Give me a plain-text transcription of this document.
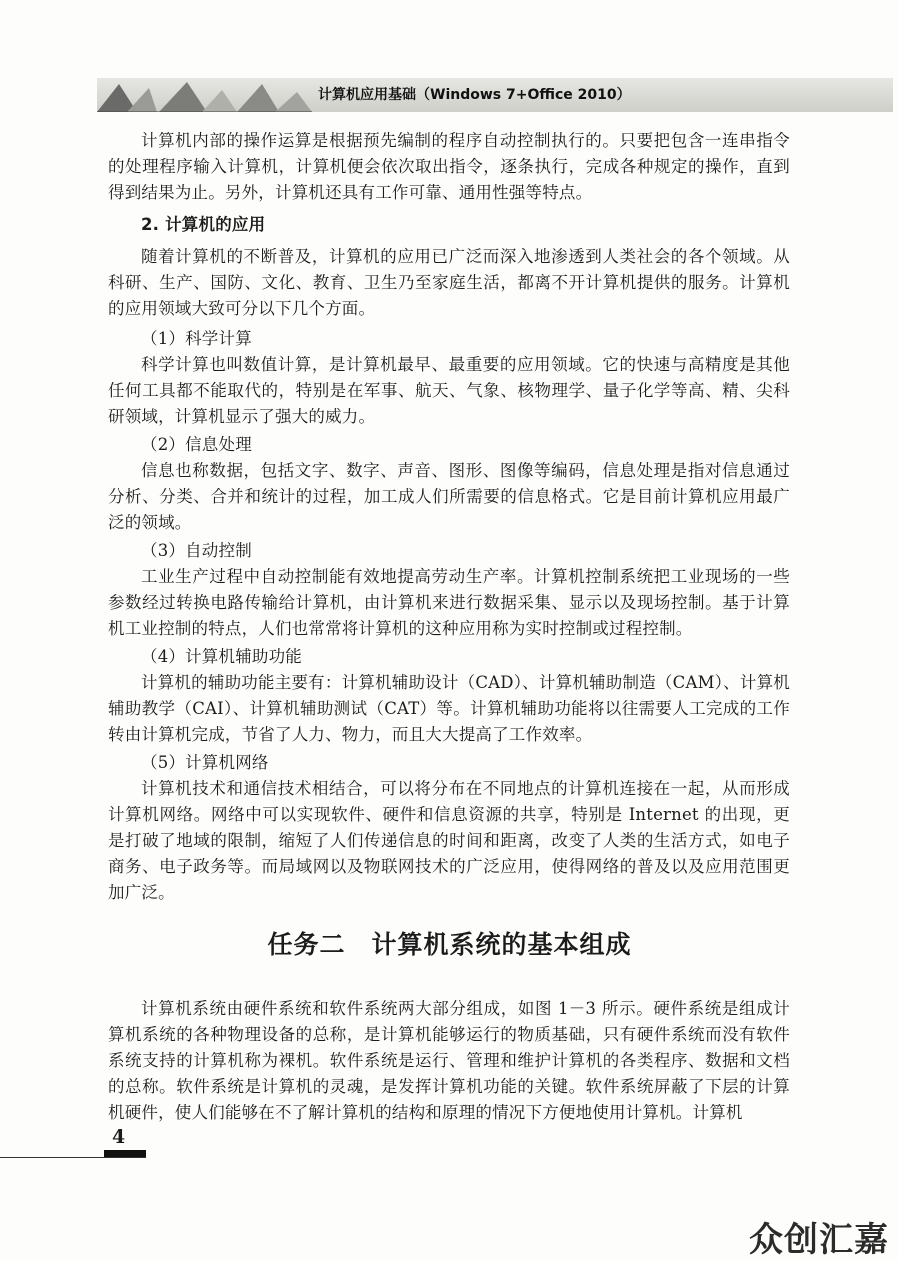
计算机应用基础（Windows 7+Office 2010）

计算机内部的操作运算是根据预先编制的程序自动控制执行的。只要把包含一连串指令的处理程序输入计算机，计算机便会依次取出指令，逐条执行，完成各种规定的操作，直到得到结果为止。另外，计算机还具有工作可靠、通用性强等特点。

2. 计算机的应用

随着计算机的不断普及，计算机的应用已广泛而深入地渗透到人类社会的各个领域。从科研、生产、国防、文化、教育、卫生乃至家庭生活，都离不开计算机提供的服务。计算机的应用领域大致可分以下几个方面。

（1）科学计算

科学计算也叫数值计算，是计算机最早、最重要的应用领域。它的快速与高精度是其他任何工具都不能取代的，特别是在军事、航天、气象、核物理学、量子化学等高、精、尖科研领域，计算机显示了强大的威力。

（2）信息处理

信息也称数据，包括文字、数字、声音、图形、图像等编码，信息处理是指对信息通过分析、分类、合并和统计的过程，加工成人们所需要的信息格式。它是目前计算机应用最广泛的领域。

（3）自动控制

工业生产过程中自动控制能有效地提高劳动生产率。计算机控制系统把工业现场的一些参数经过转换电路传输给计算机，由计算机来进行数据采集、显示以及现场控制。基于计算机工业控制的特点，人们也常常将计算机的这种应用称为实时控制或过程控制。

（4）计算机辅助功能

计算机的辅助功能主要有：计算机辅助设计（CAD）、计算机辅助制造（CAM）、计算机辅助教学（CAI）、计算机辅助测试（CAT）等。计算机辅助功能将以往需要人工完成的工作转由计算机完成，节省了人力、物力，而且大大提高了工作效率。

（5）计算机网络

计算机技术和通信技术相结合，可以将分布在不同地点的计算机连接在一起，从而形成计算机网络。网络中可以实现软件、硬件和信息资源的共享，特别是 Internet 的出现，更是打破了地域的限制，缩短了人们传递信息的时间和距离，改变了人类的生活方式，如电子商务、电子政务等。而局域网以及物联网技术的广泛应用，使得网络的普及以及应用范围更加广泛。

任务二　计算机系统的基本组成

计算机系统由硬件系统和软件系统两大部分组成，如图 1－3 所示。硬件系统是组成计算机系统的各种物理设备的总称，是计算机能够运行的物质基础，只有硬件系统而没有软件系统支持的计算机称为裸机。软件系统是运行、管理和维护计算机的各类程序、数据和文档的总称。软件系统是计算机的灵魂，是发挥计算机功能的关键。软件系统屏蔽了下层的计算机硬件，使人们能够在不了解计算机的结构和原理的情况下方便地使用计算机。计算机

4
众创汇嘉
